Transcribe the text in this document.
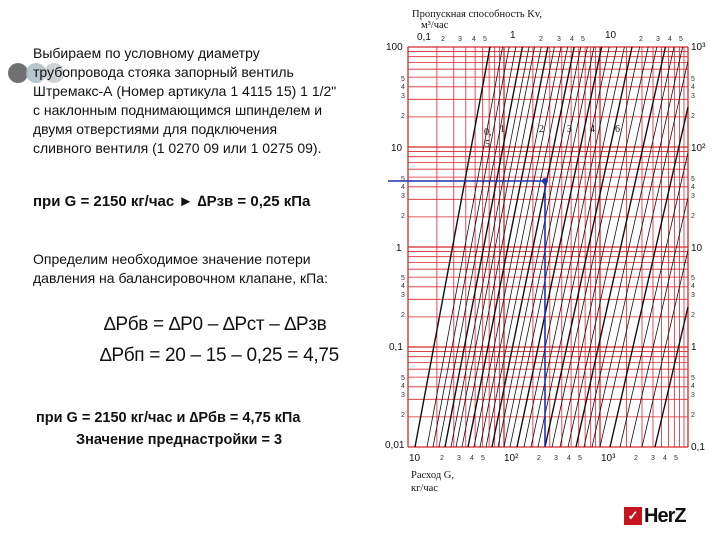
Выбираем по условному диаметру
трубопровода стояка запорный вентиль
Штремакс-А (Номер артикула 1 4115 15) 1 1/2"
с наклонным поднимающимся шпинделем и
двумя отверстиями для подключения
сливного вентиля (1 0270 09 или 1 0275 09).
при G = 2150 кг/час ► ∆Рзв = 0,25 кПа
Определим необходимое значение потери
давления на балансировочном клапане, кПа:
∆Рбв = ∆Р0 – ∆Рст – ∆Рзв
∆Рбп = 20 – 15 – 0,25 = 4,75
при G = 2150 кг/час и ∆Рбв = 4,75 кПа
Значение преднастройки = 3
Пропускная способность Kv,
м³/час
Расход G,
кг/час
100
5
4
3
2
10
5
4
3
2
1
5
4
3
2
0,1
5
4
3
2
0,01
10³
5
4
3
2
10²
5
4
3
2
10
5
4
3
2
1
5
4
3
2
0,1
0,1 2 3 4 5 1	2 3 4 5 10	2 3 4 5
10	2 3 4 5 10²	2 3 4 5 10³	2 3 4 5
0, 1	2 3 4 6
5
✓ HerZ
